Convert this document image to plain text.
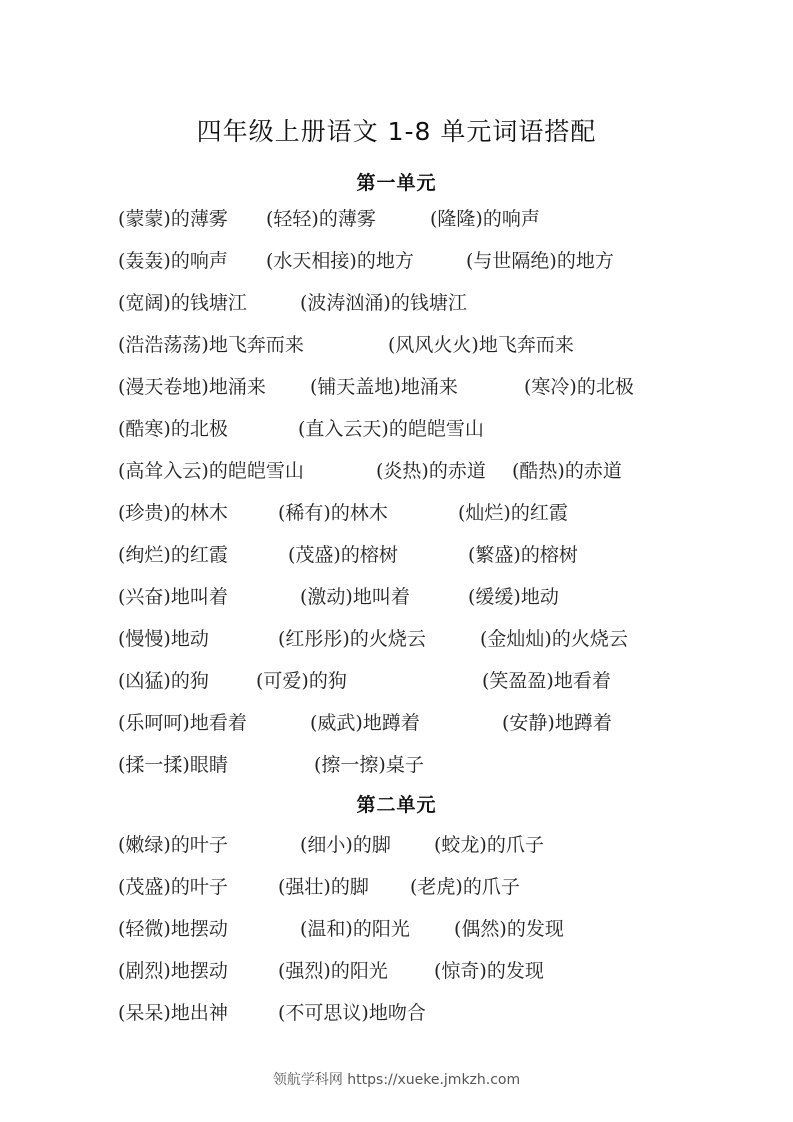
四年级上册语文 1-8 单元词语搭配
第一单元
(蒙蒙)的薄雾 (轻轻)的薄雾	(隆隆)的响声
(轰轰)的响声 (水天相接)的地方	(与世隔绝)的地方
(宽阔)的钱塘江	(波涛汹涌)的钱塘江
(浩浩荡荡)地飞奔而来	(风风火火)地飞奔而来
(漫天卷地)地涌来 (铺天盖地)地涌来	(寒冷)的北极
(酷寒)的北极	(直入云天)的皑皑雪山
(高耸入云)的皑皑雪山	(炎热)的赤道 (酷热)的赤道
(珍贵)的林木	(稀有)的林木	(灿烂)的红霞
(绚烂)的红霞	(茂盛)的榕树	(繁盛)的榕树
(兴奋)地叫着	(激动)地叫着	(缓缓)地动
(慢慢)地动	(红彤彤)的火烧云	(金灿灿)的火烧云
(凶猛)的狗 (可爱)的狗	(笑盈盈)地看着
(乐呵呵)地看着	(威武)地蹲着	(安静)地蹲着
(揉一揉)眼睛	(擦一擦)桌子
第二单元
(嫩绿)的叶子	(细小)的脚 (蛟龙)的爪子
(茂盛)的叶子	(强壮)的脚 (老虎)的爪子
(轻微)地摆动	(温和)的阳光 (偶然)的发现
(剧烈)地摆动	(强烈)的阳光 (惊奇)的发现
(呆呆)地出神	(不可思议)地吻合
领航学科网 https://xueke.jmkzh.com
